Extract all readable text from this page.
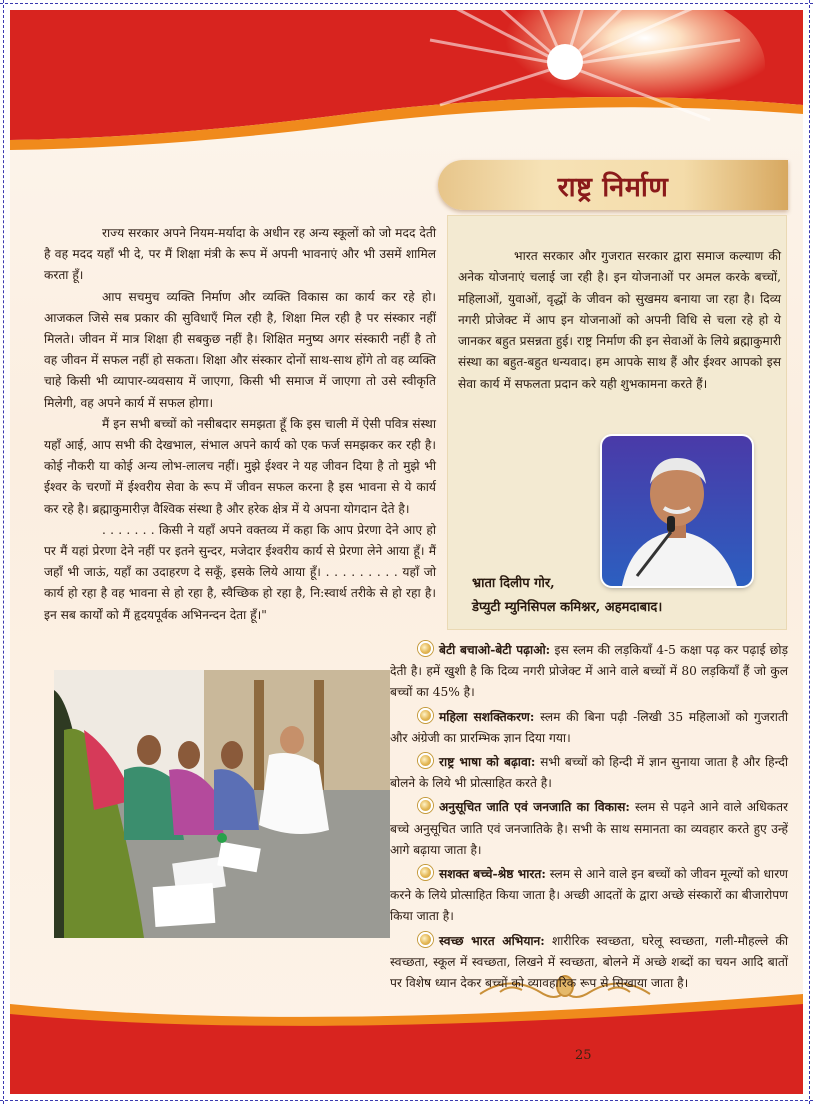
राष्ट्र निर्माण

राज्य सरकार अपने नियम-मर्यादा के अधीन रह अन्य स्कूलों को जो मदद देती है वह मदद यहाँ भी दे, पर मैं शिक्षा मंत्री के रूप में अपनी भावनाएं और भी उसमें शामिल करता हूँ।

आप सचमुच व्यक्ति निर्माण और व्यक्ति विकास का कार्य कर रहे हो। आजकल जिसे सब प्रकार की सुविधाएँ मिल रही है, शिक्षा मिल रही है पर संस्कार नहीं मिलते। जीवन में मात्र शिक्षा ही सबकुछ नहीं है। शिक्षित मनुष्य अगर संस्कारी नहीं है तो वह जीवन में सफल नहीं हो सकता। शिक्षा और संस्कार दोनों साथ-साथ होंगे तो वह व्यक्ति चाहे किसी भी व्यापार-व्यवसाय में जाएगा, किसी भी समाज में जाएगा तो उसे स्वीकृति मिलेगी, वह अपने कार्य में सफल होगा।

मैं इन सभी बच्चों को नसीबदार समझता हूँ कि इस चाली में ऐसी पवित्र संस्था यहाँ आई, आप सभी की देखभाल, संभाल अपने कार्य को एक फर्ज समझकर कर रही है। कोई नौकरी या कोई अन्य लोभ-लालच नहीं। मुझे ईश्वर ने यह जीवन दिया है तो मुझे भी ईश्वर के चरणों में ईश्वरीय सेवा के रूप में जीवन सफल करना है इस भावना से ये कार्य कर रहे है। ब्रह्माकुमारीज़ वैश्विक संस्था है और हरेक क्षेत्र में ये अपना योगदान देते है।

. . . . . . . किसी ने यहाँ अपने वक्तव्य में कहा कि आप प्रेरणा देने आए हो पर मैं यहां प्रेरणा देने नहीं पर इतने सुन्दर, मजेदार ईश्वरीय कार्य से प्रेरणा लेने आया हूँ। मैं जहाँ भी जाऊं, यहाँ का उदाहरण दे सकूँ, इसके लिये आया हूँ। . . . . . . . . . यहाँ जो कार्य हो रहा है वह भावना से हो रहा है, स्वैच्छिक हो रहा है, नि:स्वार्थ तरीके से हो रहा है। इन सब कार्यों को मैं हृदयपूर्वक अभिनन्दन देता हूँ।"

भारत सरकार और गुजरात सरकार द्वारा समाज कल्याण की अनेक योजनाएं चलाई जा रही है। इन योजनाओं पर अमल करके बच्चों, महिलाओं, युवाओं, वृद्धों के जीवन को सुखमय बनाया जा रहा है। दिव्य नगरी प्रोजेक्ट में आप इन योजनाओं को अपनी विधि से चला रहे हो ये जानकर बहुत प्रसन्नता हुई। राष्ट्र निर्माण की इन सेवाओं के लिये ब्रह्माकुमारी संस्था का बहुत-बहुत धन्यवाद। हम आपके साथ हैं और ईश्वर आपको इस सेवा कार्य में सफलता प्रदान करे यही शुभकामना करते हैं।

भ्राता दिलीप गोर,
डेप्युटी म्युनिसिपल कमिश्नर, अहमदाबाद।

बेटी बचाओ-बेटी पढ़ाओ: इस स्लम की लड़कियाँ 4-5 कक्षा पढ़ कर पढ़ाई छोड़ देती है। हमें खुशी है कि दिव्य नगरी प्रोजेक्ट में आने वाले बच्चों में 80 लड़कियाँ हैं जो कुल बच्चों का 45% है।

महिला सशक्तिकरण: स्लम की बिना पढ़ी -लिखी 35 महिलाओं को गुजराती और अंग्रेजी का प्रारम्भिक ज्ञान दिया गया।

राष्ट्र भाषा को बढ़ावा: सभी बच्चों को हिन्दी में ज्ञान सुनाया जाता है और हिन्दी बोलने के लिये भी प्रोत्साहित करते है।

अनुसूचित जाति एवं जनजाति का विकास: स्लम से पढ़ने आने वाले अधिकतर बच्चे अनुसूचित जाति एवं जनजातिके है। सभी के साथ समानता का व्यवहार करते हुए उन्हें आगे बढ़ाया जाता है।

सशक्त बच्चे-श्रेष्ठ भारत: स्लम से आने वाले इन बच्चों को जीवन मूल्यों को धारण करने के लिये प्रोत्साहित किया जाता है। अच्छी आदतों के द्वारा अच्छे संस्कारों का बीजारोपण किया जाता है।

स्वच्छ भारत अभियान: शारीरिक स्वच्छता, घरेलू स्वच्छता, गली-मौहल्ले की स्वच्छता, स्कूल में स्वच्छता, लिखने में स्वच्छता, बोलने में अच्छे शब्दों का चयन आदि बातों पर विशेष ध्यान देकर बच्चों को व्यावहारिक रूप से सिखाया जाता है।

25
